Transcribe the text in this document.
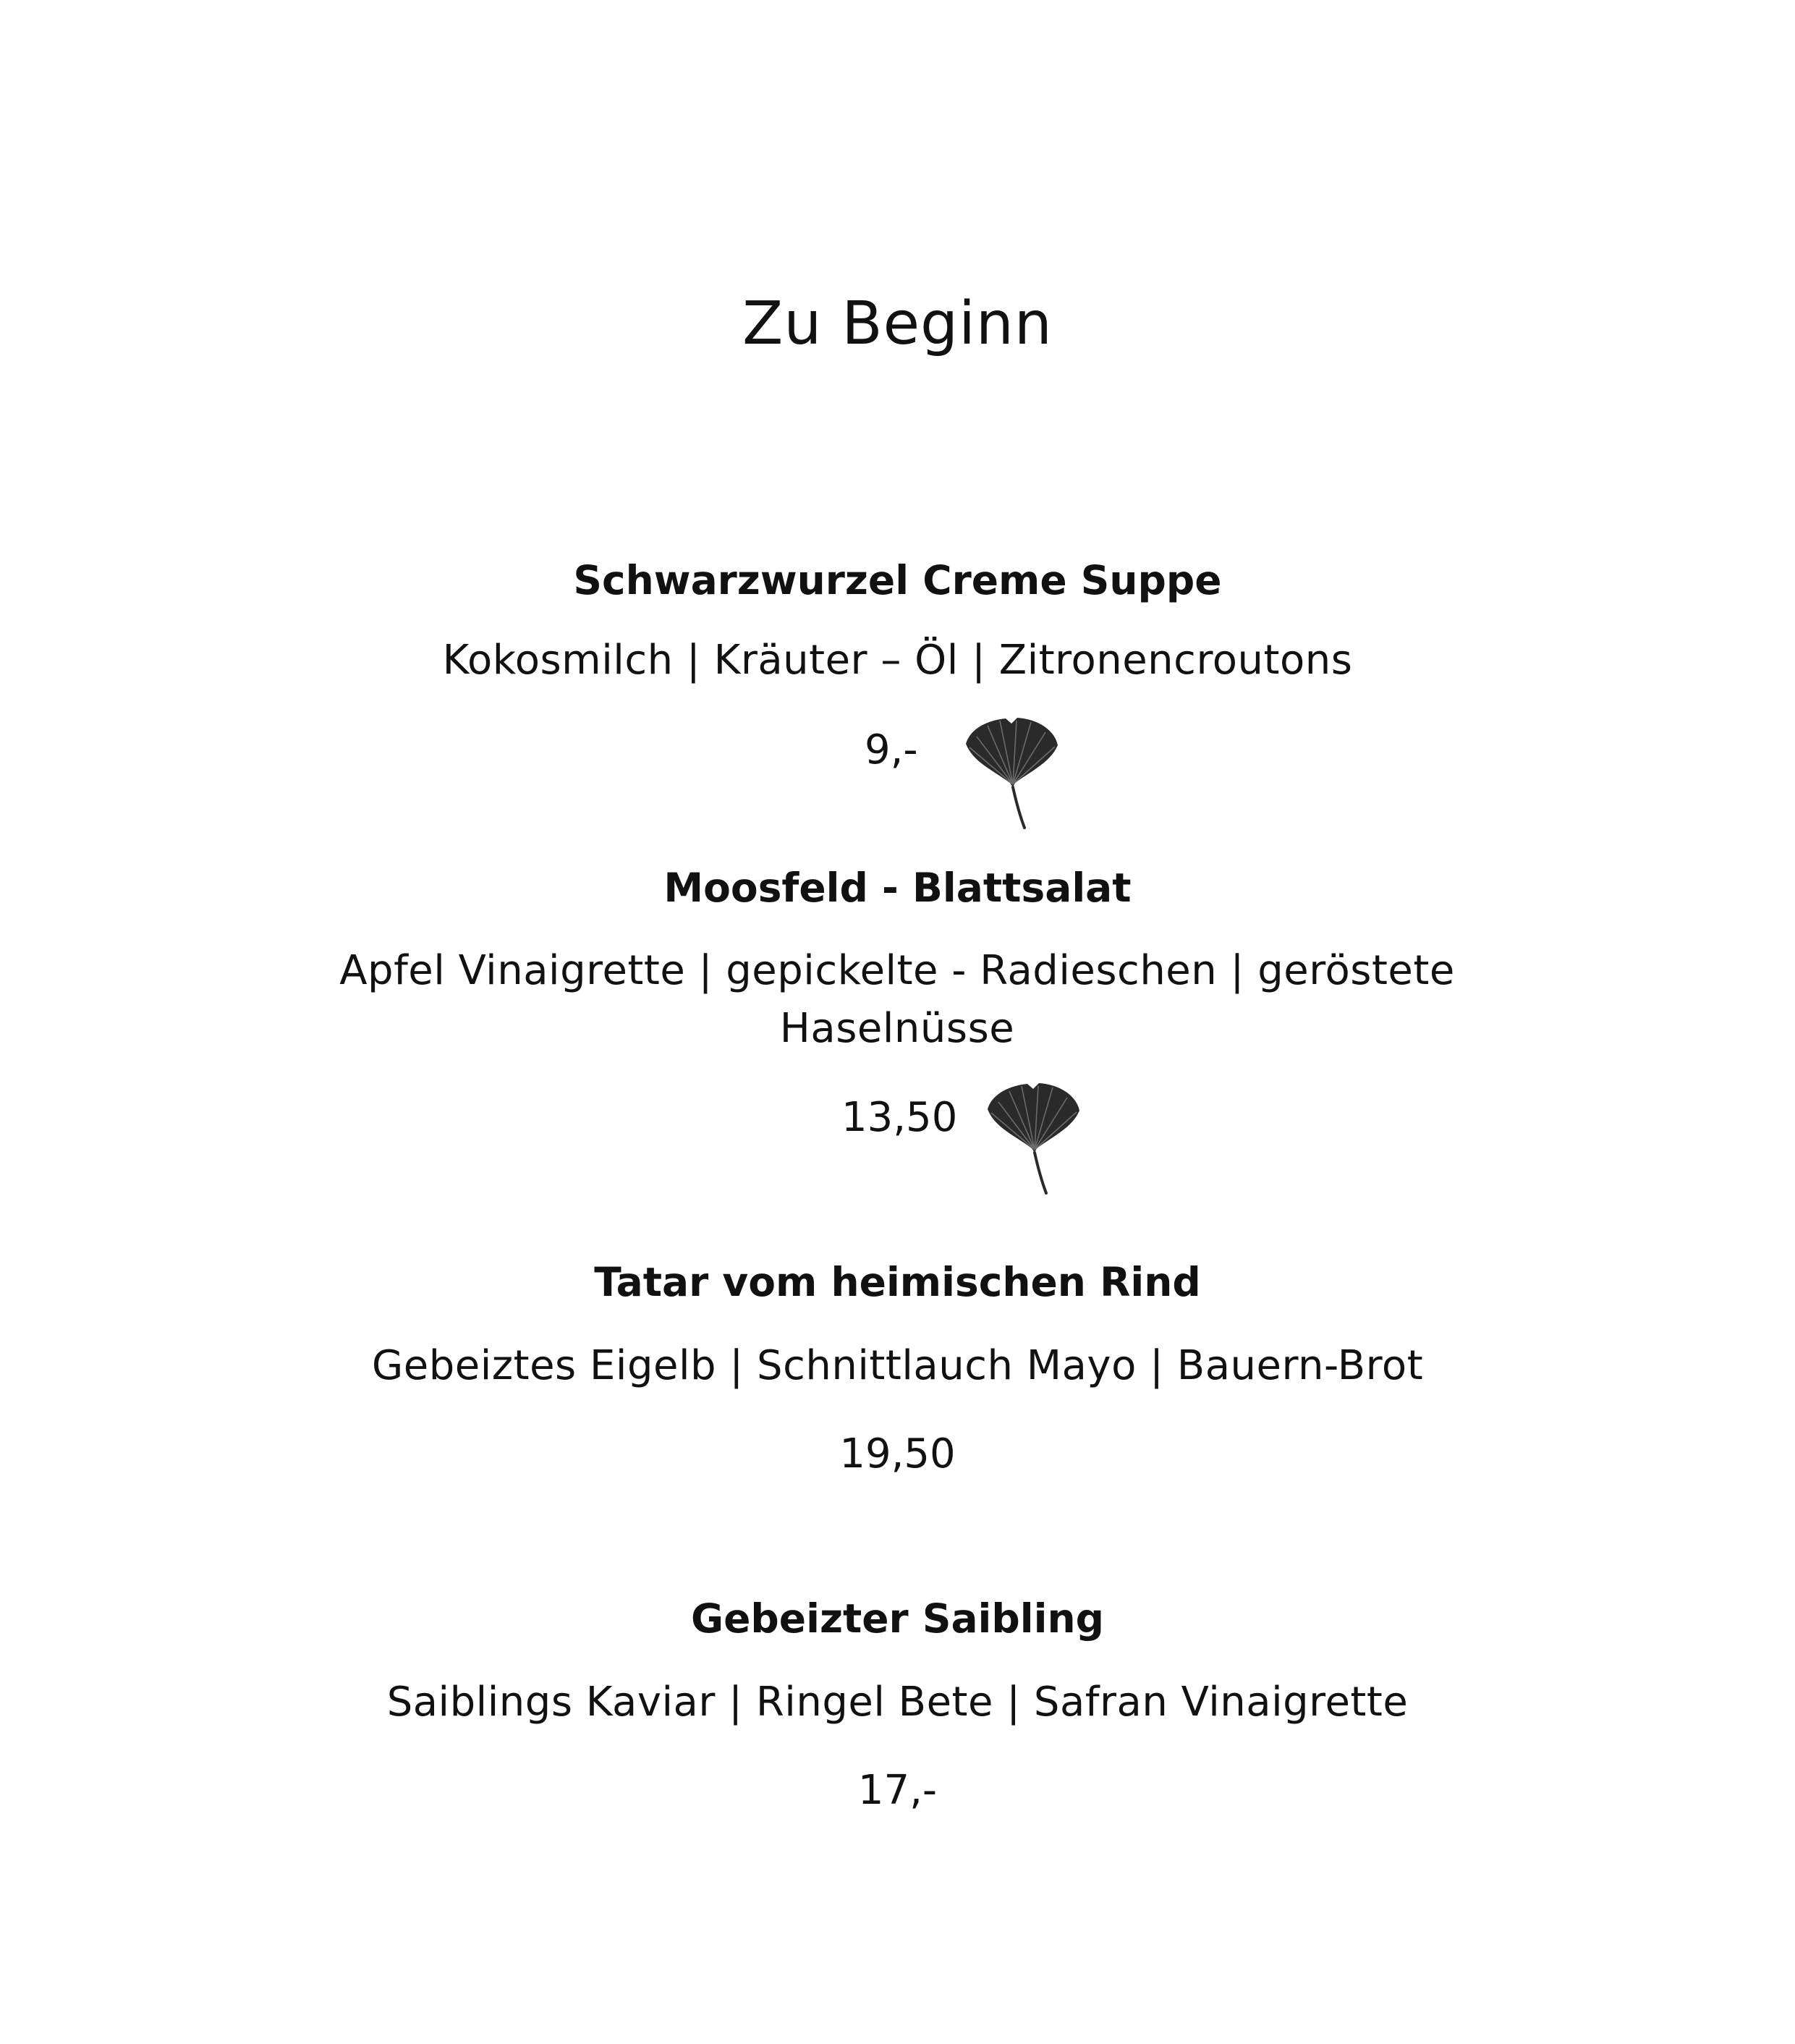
Zu Beginn
Schwarzwurzel Creme Suppe
Kokosmilch | Kräuter – Öl | Zitronencroutons
9,-
Moosfeld - Blattsalat
Apfel Vinaigrette | gepickelte - Radieschen | geröstete Haselnüsse
13,50
Tatar vom heimischen Rind
Gebeiztes Eigelb | Schnittlauch Mayo | Bauern-Brot
19,50
Gebeizter Saibling
Saiblings Kaviar | Ringel Bete | Safran Vinaigrette
17,-
